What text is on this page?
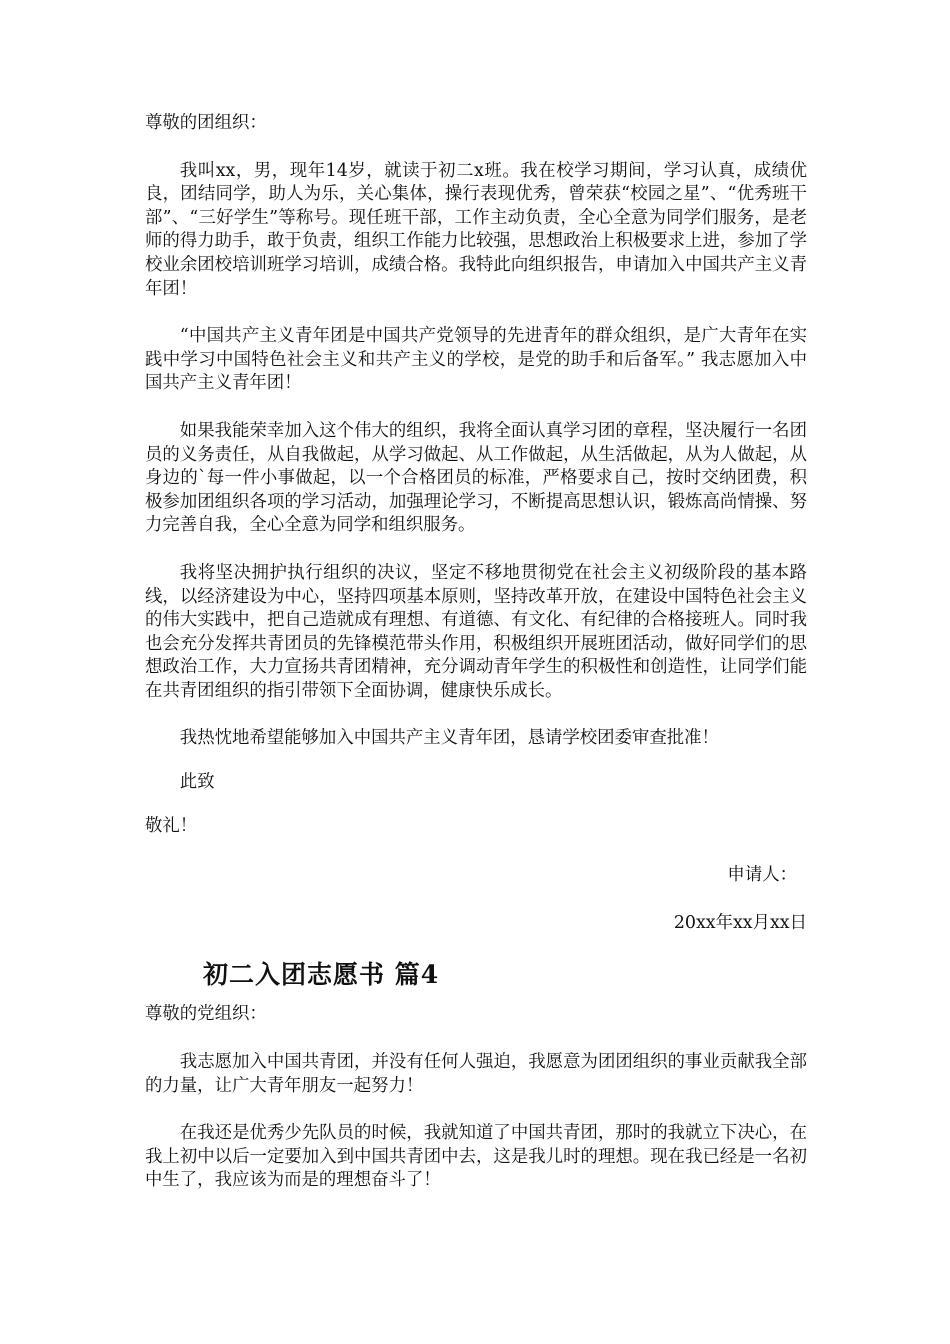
尊敬的团组织：

我叫xx，男，现年14岁，就读于初二x班。我在校学习期间，学习认真，成绩优良，团结同学，助人为乐，关心集体，操行表现优秀，曾荣获“校园之星”、“优秀班干部”、“三好学生”等称号。现任班干部，工作主动负责，全心全意为同学们服务，是老师的得力助手，敢于负责，组织工作能力比较强，思想政治上积极要求上进，参加了学校业余团校培训班学习培训，成绩合格。我特此向组织报告，申请加入中国共产主义青年团！

“中国共产主义青年团是中国共产党领导的先进青年的群众组织，是广大青年在实践中学习中国特色社会主义和共产主义的学校，是党的助手和后备军。” 我志愿加入中国共产主义青年团！

如果我能荣幸加入这个伟大的组织，我将全面认真学习团的章程，坚决履行一名团员的义务责任，从自我做起，从学习做起、从工作做起，从生活做起，从为人做起，从身边的`每一件小事做起，以一个合格团员的标准，严格要求自己，按时交纳团费，积极参加团组织各项的学习活动，加强理论学习，不断提高思想认识，锻炼高尚情操、努力完善自我，全心全意为同学和组织服务。

我将坚决拥护执行组织的决议，坚定不移地贯彻党在社会主义初级阶段的基本路线，以经济建设为中心，坚持四项基本原则，坚持改革开放，在建设中国特色社会主义的伟大实践中，把自己造就成有理想、有道德、有文化、有纪律的合格接班人。同时我也会充分发挥共青团员的先锋模范带头作用，积极组织开展班团活动，做好同学们的思想政治工作，大力宣扬共青团精神，充分调动青年学生的积极性和创造性，让同学们能在共青团组织的指引带领下全面协调，健康快乐成长。

我热忱地希望能够加入中国共产主义青年团，恳请学校团委审查批准！

此致

敬礼！

申请人：

20xx年xx月xx日

初二入团志愿书 篇4

尊敬的党组织：

我志愿加入中国共青团，并没有任何人强迫，我愿意为团团组织的事业贡献我全部的力量，让广大青年朋友一起努力！

在我还是优秀少先队员的时候，我就知道了中国共青团，那时的我就立下决心，在我上初中以后一定要加入到中国共青团中去，这是我儿时的理想。现在我已经是一名初中生了，我应该为而是的理想奋斗了！
